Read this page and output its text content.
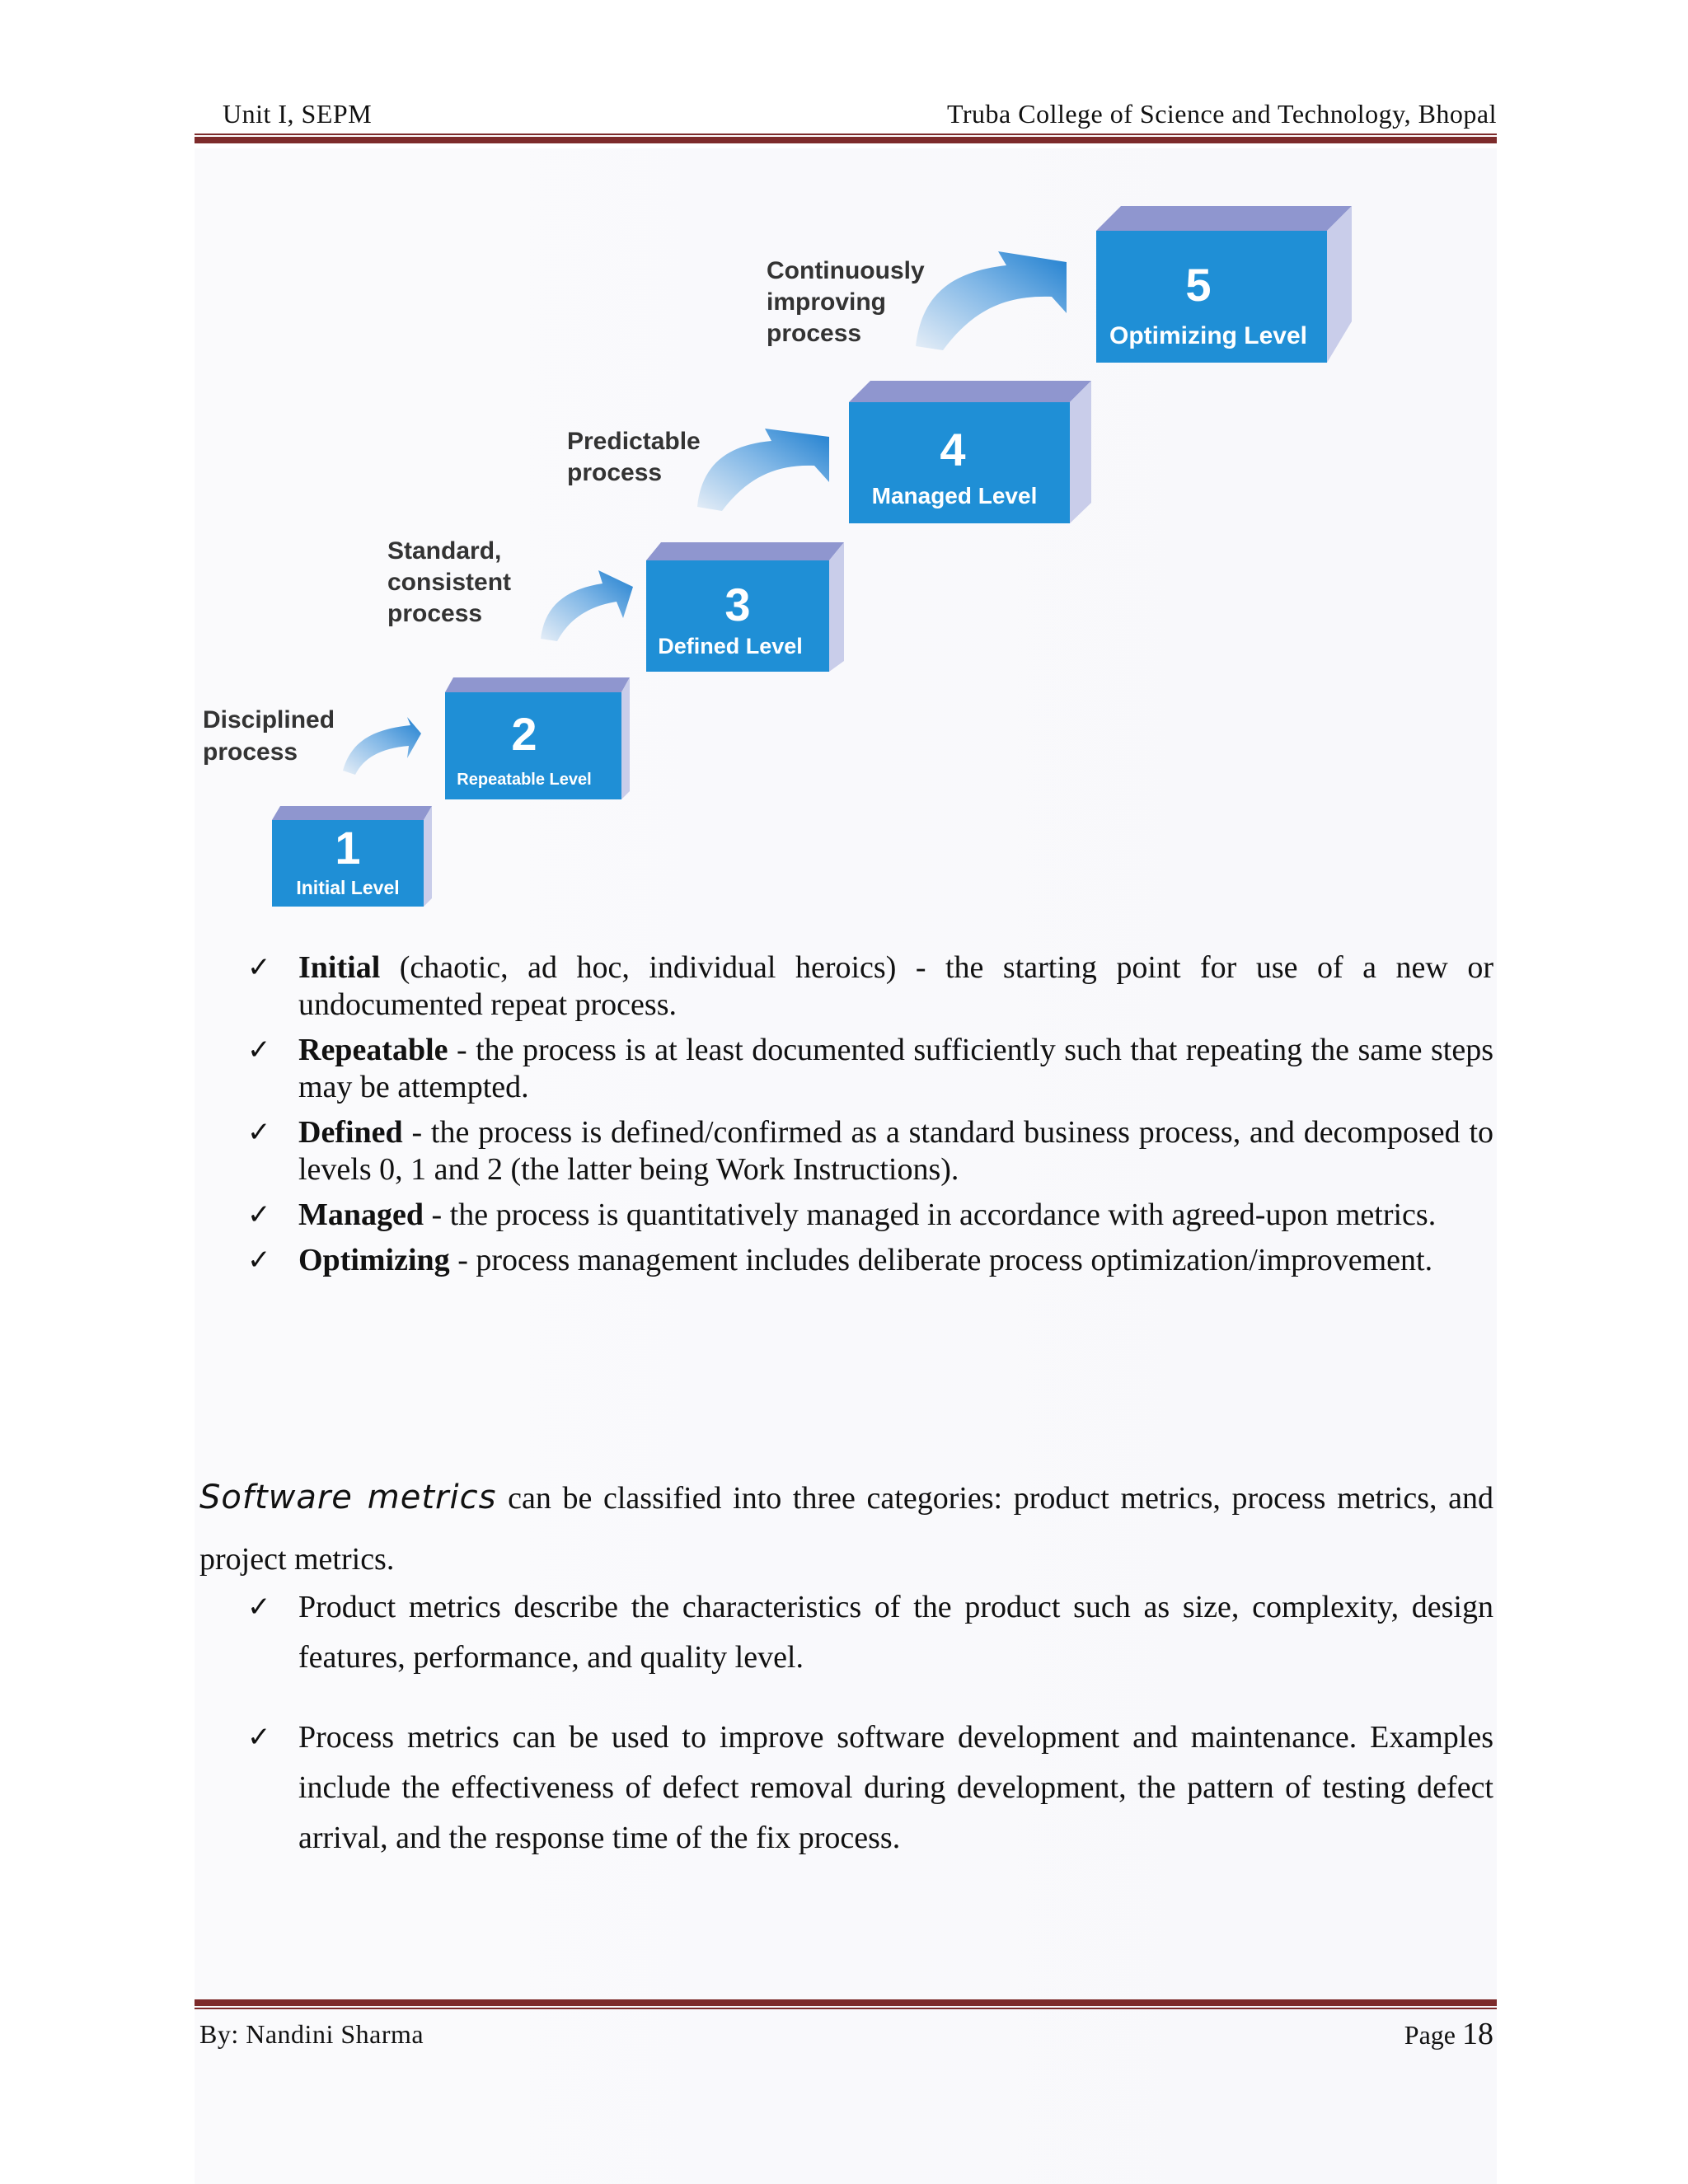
Unit I, SEPM	Truba College of Science and Technology, Bhopal
1
Initial Level
2
Repeatable Level
3
Defined Level
4
Managed Level
5
Optimizing Level
Disciplined
process
Standard,
consistent
process
Predictable
process
Continuously
improving
process
✓ Initial (chaotic, ad hoc, individual heroics) - the starting point for use of a new or undocumented repeat process.
✓ Repeatable - the process is at least documented sufficiently such that repeating the same steps may be attempted.
✓ Defined - the process is defined/confirmed as a standard business process, and decomposed to levels 0, 1 and 2 (the latter being Work Instructions).
✓ Managed - the process is quantitatively managed in accordance with agreed-upon metrics.
✓ Optimizing - process management includes deliberate process optimization/improvement.

Software metrics can be classified into three categories: product metrics, process metrics, and project metrics.

✓ Product metrics describe the characteristics of the product such as size, complexity, design features, performance, and quality level.
✓ Process metrics can be used to improve software development and maintenance. Examples include the effectiveness of defect removal during development, the pattern of testing defect arrival, and the response time of the fix process.
By: Nandini Sharma	Page 18
